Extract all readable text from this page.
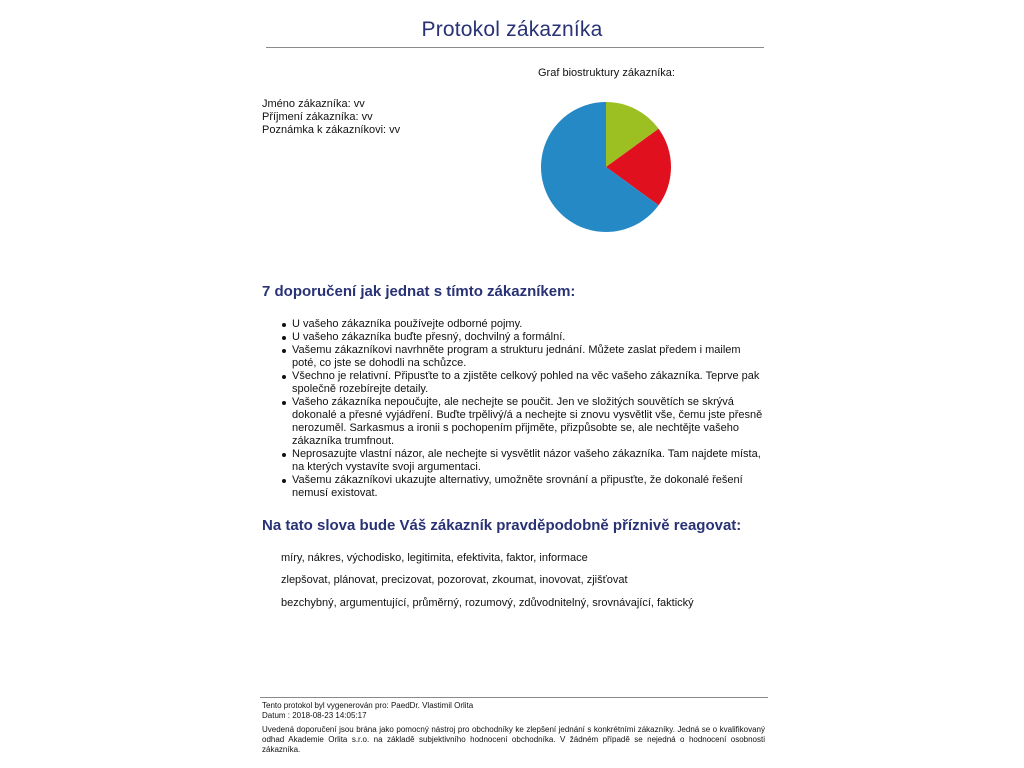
Protokol zákazníka
Jméno zákazníka: vv
Příjmení zákazníka: vv
Poznámka k zákazníkovi: vv
Graf biostruktury zákazníka:
7 doporučení jak jednat s tímto zákazníkem:
U vašeho zákazníka používejte odborné pojmy.
U vašeho zákazníka buďte přesný, dochvilný a formální.
Vašemu zákazníkovi navrhněte program a strukturu jednání. Můžete zaslat předem i mailem poté, co jste se dohodli na schůzce.
Všechno je relativní. Připusťte to a zjistěte celkový pohled na věc vašeho zákazníka. Teprve pak společně rozebírejte detaily.
Vašeho zákazníka nepoučujte, ale nechejte se poučit. Jen ve složitých souvětích se skrývá dokonalé a přesné vyjádření. Buďte trpělivý/á a nechejte si znovu vysvětlit vše, čemu jste přesně nerozuměl. Sarkasmus a ironii s pochopením přijměte, přizpůsobte se, ale nechtějte vašeho zákazníka trumfnout.
Neprosazujte vlastní názor, ale nechejte si vysvětlit názor vašeho zákazníka. Tam najdete místa, na kterých vystavíte svoji argumentaci.
Vašemu zákazníkovi ukazujte alternativy, umožněte srovnání a připusťte, že dokonalé řešení nemusí existovat.
Na tato slova bude Váš zákazník pravděpodobně příznivě reagovat:
míry, nákres, východisko, legitimita, efektivita, faktor, informace
zlepšovat, plánovat, precizovat, pozorovat, zkoumat, inovovat, zjišťovat
bezchybný, argumentující, průměrný, rozumový, zdůvodnitelný, srovnávající, faktický
Tento protokol byl vygenerován pro: PaedDr. Vlastimil Orlita
Datum : 2018-08-23 14:05:17
Uvedená doporučení jsou brána jako pomocný nástroj pro obchodníky ke zlepšení jednání s konkrétními zákazníky. Jedná se o kvalifikovaný odhad Akademie Orlita s.r.o. na základě subjektivního hodnocení obchodníka. V žádném případě se nejedná o hodnocení osobnosti zákazníka.
